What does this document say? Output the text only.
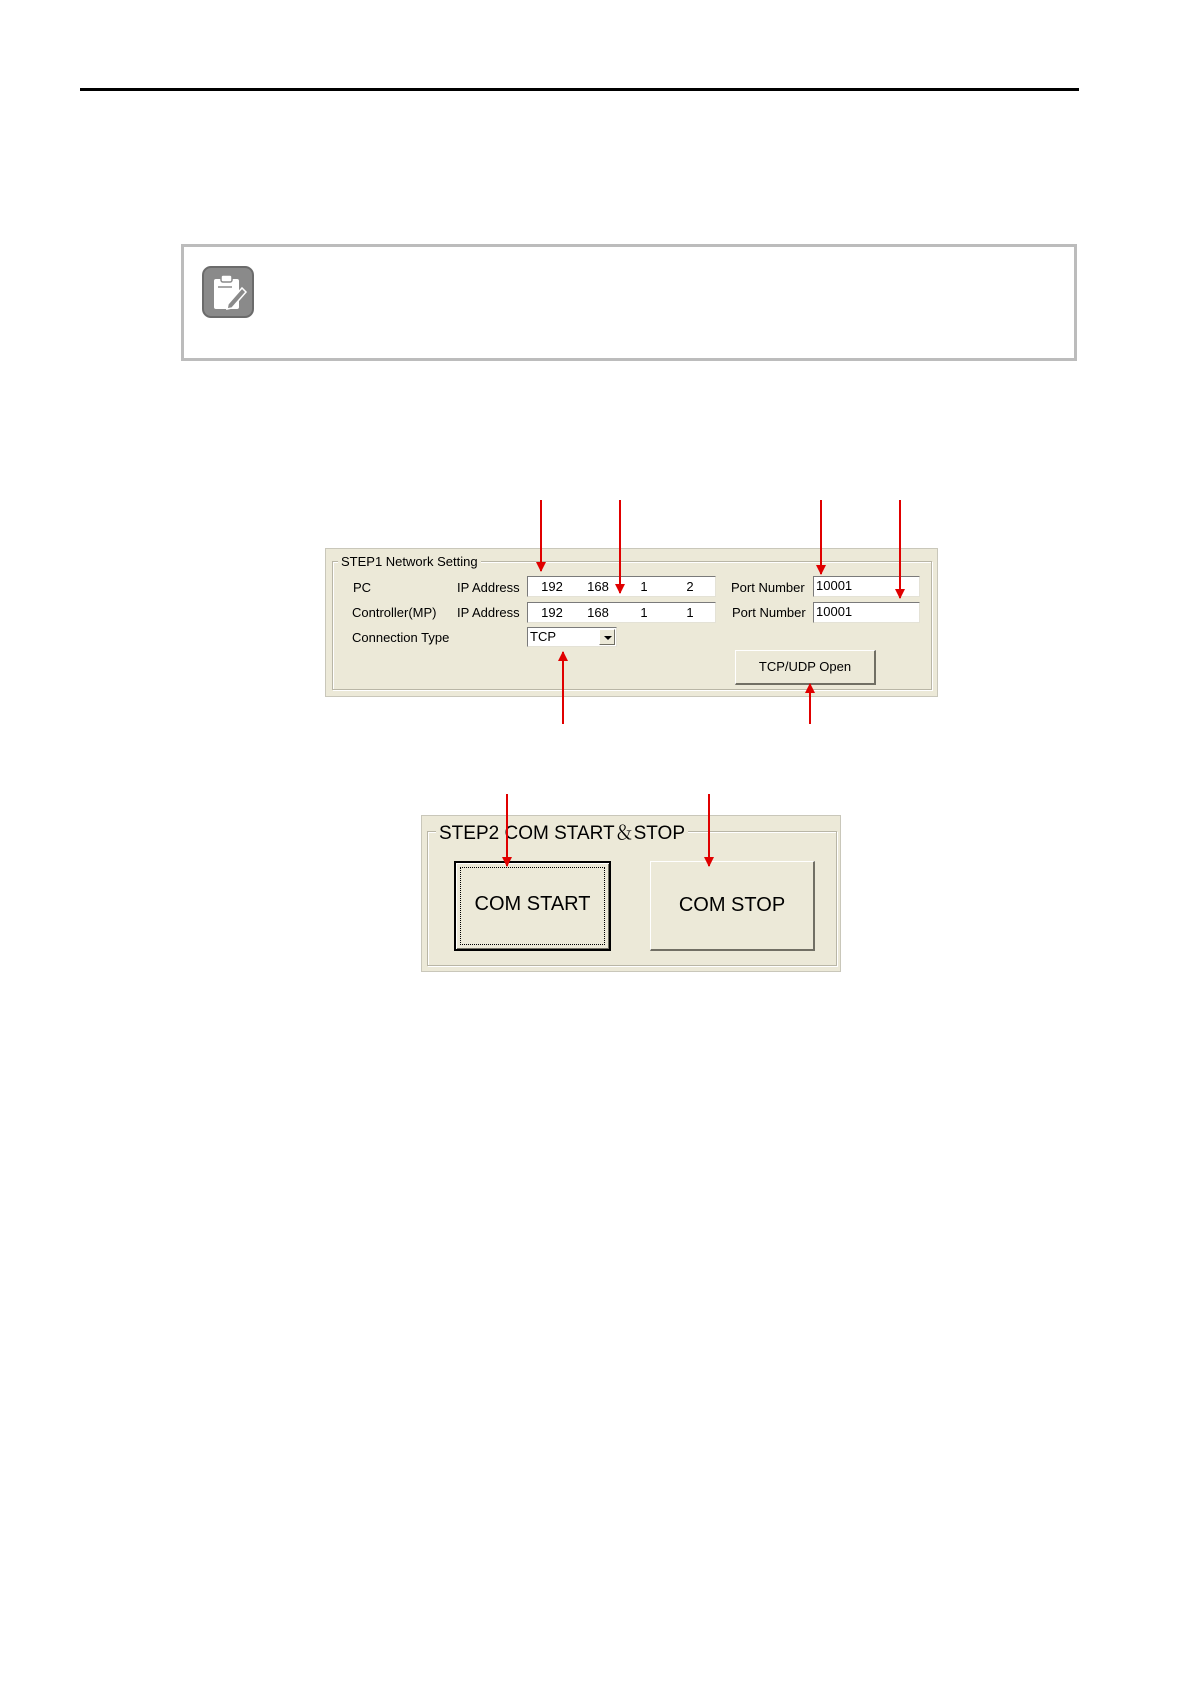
STEP1 Network Setting
PC	IP Address	192	168	1	2	Port Number 10001
Controller(MP) IP Address	192	168	1	1	Port Number 10001
Connection Type	TCP
TCP/UDP Open
STEP2 COM START＆STOP
COM START	COM STOP
